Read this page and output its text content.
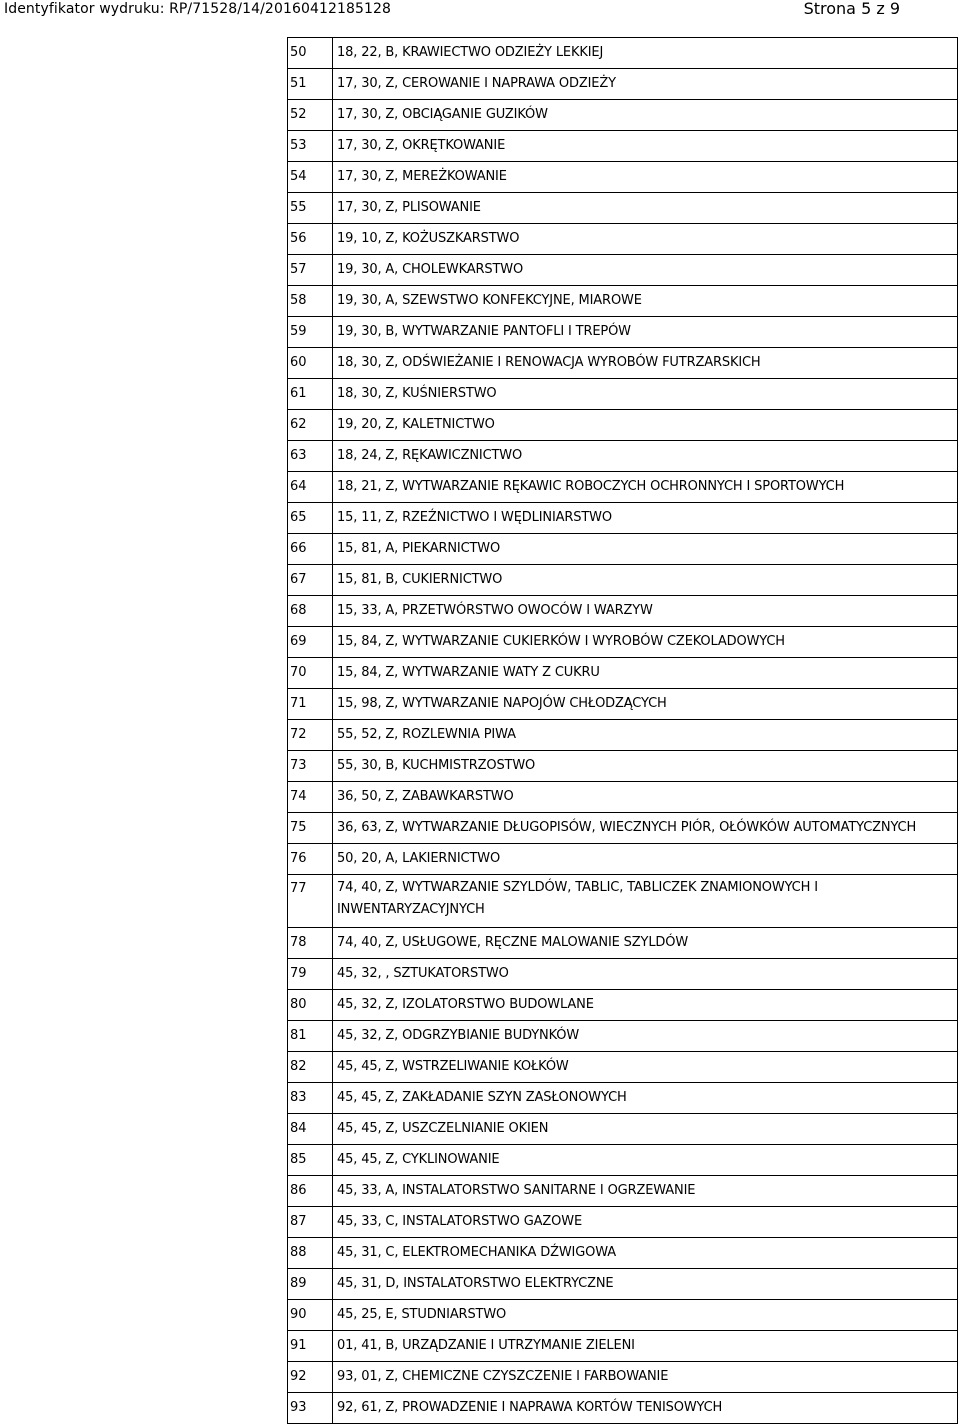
Identyfikator wydruku: RP/71528/14/20160412185128	Strona 5 z 9
50	18, 22, B, KRAWIECTWO ODZIEŻY LEKKIEJ
51	17, 30, Z, CEROWANIE I NAPRAWA ODZIEŻY
52	17, 30, Z, OBCIĄGANIE GUZIKÓW
53	17, 30, Z, OKRĘTKOWANIE
54	17, 30, Z, MEREŻKOWANIE
55	17, 30, Z, PLISOWANIE
56	19, 10, Z, KOŻUSZKARSTWO
57	19, 30, A, CHOLEWKARSTWO
58	19, 30, A, SZEWSTWO KONFEKCYJNE, MIAROWE
59	19, 30, B, WYTWARZANIE PANTOFLI I TREPÓW
60	18, 30, Z, ODŚWIEŻANIE I RENOWACJA WYROBÓW FUTRZARSKICH
61	18, 30, Z, KUŚNIERSTWO
62	19, 20, Z, KALETNICTWO
63	18, 24, Z, RĘKAWICZNICTWO
64	18, 21, Z, WYTWARZANIE RĘKAWIC ROBOCZYCH OCHRONNYCH I SPORTOWYCH
65	15, 11, Z, RZEŹNICTWO I WĘDLINIARSTWO
66	15, 81, A, PIEKARNICTWO
67	15, 81, B, CUKIERNICTWO
68	15, 33, A, PRZETWÓRSTWO OWOCÓW I WARZYW
69	15, 84, Z, WYTWARZANIE CUKIERKÓW I WYROBÓW CZEKOLADOWYCH
70	15, 84, Z, WYTWARZANIE WATY Z CUKRU
71	15, 98, Z, WYTWARZANIE NAPOJÓW CHŁODZĄCYCH
72	55, 52, Z, ROZLEWNIA PIWA
73	55, 30, B, KUCHMISTRZOSTWO
74	36, 50, Z, ZABAWKARSTWO
75	36, 63, Z, WYTWARZANIE DŁUGOPISÓW, WIECZNYCH PIÓR, OŁÓWKÓW AUTOMATYCZNYCH
76	50, 20, A, LAKIERNICTWO
77	74, 40, Z, WYTWARZANIE SZYLDÓW, TABLIC, TABLICZEK ZNAMIONOWYCH I INWENTARYZACYJNYCH
78	74, 40, Z, USŁUGOWE, RĘCZNE MALOWANIE SZYLDÓW
79	45, 32, , SZTUKATORSTWO
80	45, 32, Z, IZOLATORSTWO BUDOWLANE
81	45, 32, Z, ODGRZYBIANIE BUDYNKÓW
82	45, 45, Z, WSTRZELIWANIE KOŁKÓW
83	45, 45, Z, ZAKŁADANIE SZYN ZASŁONOWYCH
84	45, 45, Z, USZCZELNIANIE OKIEN
85	45, 45, Z, CYKLINOWANIE
86	45, 33, A, INSTALATORSTWO SANITARNE I OGRZEWANIE
87	45, 33, C, INSTALATORSTWO GAZOWE
88	45, 31, C, ELEKTROMECHANIKA DŹWIGOWA
89	45, 31, D, INSTALATORSTWO ELEKTRYCZNE
90	45, 25, E, STUDNIARSTWO
91	01, 41, B, URZĄDZANIE I UTRZYMANIE ZIELENI
92	93, 01, Z, CHEMICZNE CZYSZCZENIE I FARBOWANIE
93	92, 61, Z, PROWADZENIE I NAPRAWA KORTÓW TENISOWYCH
